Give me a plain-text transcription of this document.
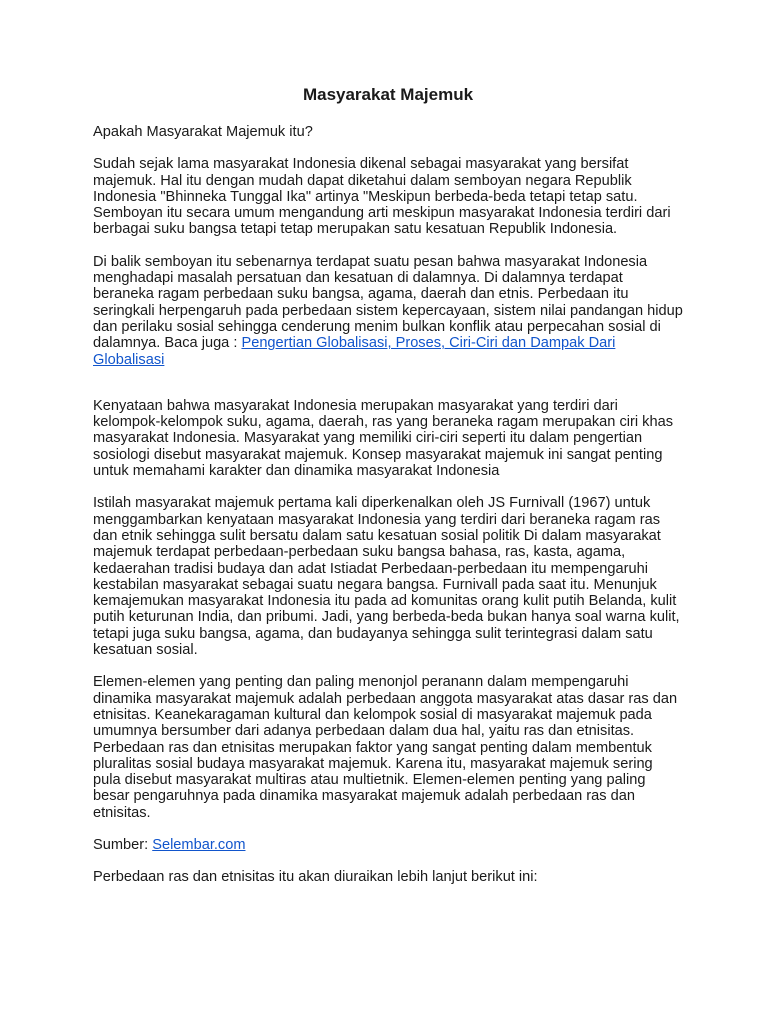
Masyarakat Majemuk

Apakah Masyarakat Majemuk itu?

Sudah sejak lama masyarakat Indonesia dikenal sebagai masyarakat yang bersifat majemuk. Hal itu dengan mudah dapat diketahui dalam semboyan negara Republik Indonesia "Bhinneka Tunggal Ika" artinya "Meskipun berbeda-beda tetapi tetap satu. Semboyan itu secara umum mengandung arti meskipun masyarakat Indonesia terdiri dari berbagai suku bangsa tetapi tetap merupakan satu kesatuan Republik Indonesia.

Di balik semboyan itu sebenarnya terdapat suatu pesan bahwa masyarakat Indonesia menghadapi masalah persatuan dan kesatuan di dalamnya. Di dalamnya terdapat beraneka ragam perbedaan suku bangsa, agama, daerah dan etnis. Perbedaan itu seringkali herpengaruh pada perbedaan sistem kepercayaan, sistem nilai pandangan hidup dan perilaku sosial sehingga cenderung menim bulkan konflik atau perpecahan sosial di dalamnya. Baca juga : Pengertian Globalisasi, Proses, Ciri-Ciri dan Dampak Dari Globalisasi

Kenyataan bahwa masyarakat Indonesia merupakan masyarakat yang terdiri dari kelompok-kelompok suku, agama, daerah, ras yang beraneka ragam merupakan ciri khas masyarakat Indonesia. Masyarakat yang memiliki ciri-ciri seperti itu dalam pengertian sosiologi disebut masyarakat majemuk. Konsep masyarakat majemuk ini sangat penting untuk memahami karakter dan dinamika masyarakat Indonesia

Istilah masyarakat majemuk pertama kali diperkenalkan oleh JS Furnivall (1967) untuk menggambarkan kenyataan masyarakat Indonesia yang terdiri dari beraneka ragam ras dan etnik sehingga sulit bersatu dalam satu kesatuan sosial politik Di dalam masyarakat majemuk terdapat perbedaan-perbedaan suku bangsa bahasa, ras, kasta, agama, kedaerahan tradisi budaya dan adat Istiadat Perbedaan-perbedaan itu mempengaruhi kestabilan masyarakat sebagai suatu negara bangsa. Furnivall pada saat itu. Menunjuk kemajemukan masyarakat Indonesia itu pada ad komunitas orang kulit putih Belanda, kulit putih keturunan India, dan pribumi. Jadi, yang berbeda-beda bukan hanya soal warna kulit, tetapi juga suku bangsa, agama, dan budayanya sehingga sulit terintegrasi dalam satu kesatuan sosial.

Elemen-elemen yang penting dan paling menonjol peranann dalam mempengaruhi dinamika masyarakat majemuk adalah perbedaan anggota masyarakat atas dasar ras dan etnisitas. Keanekaragaman kultural dan kelompok sosial di masyarakat majemuk pada umumnya bersumber dari adanya perbedaan dalam dua hal, yaitu ras dan etnisitas. Perbedaan ras dan etnisitas merupakan faktor yang sangat penting dalam membentuk pluralitas sosial budaya masyarakat majemuk. Karena itu, masyarakat majemuk sering pula disebut masyarakat multiras atau multietnik. Elemen-elemen penting yang paling besar pengaruhnya pada dinamika masyarakat majemuk adalah perbedaan ras dan etnisitas.

Sumber: Selembar.com

Perbedaan ras dan etnisitas itu akan diuraikan lebih lanjut berikut ini:
